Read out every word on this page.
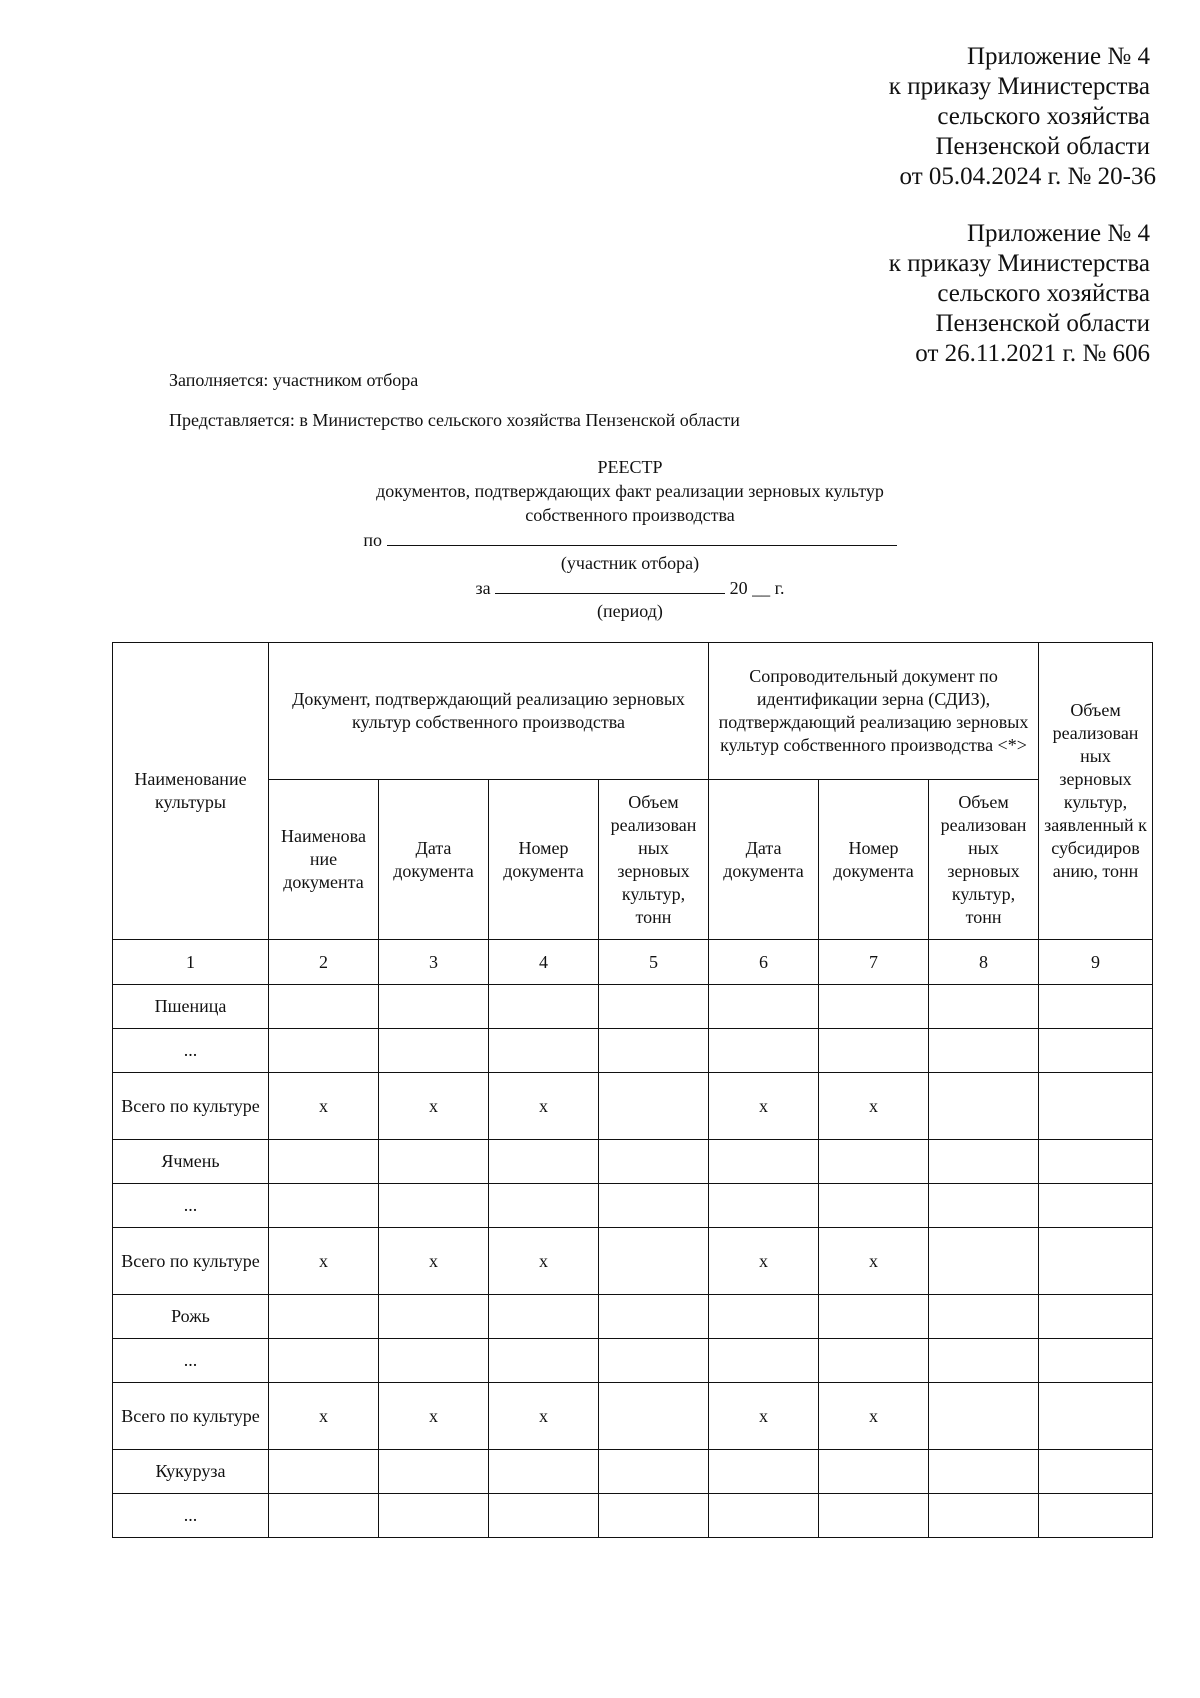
Приложение № 4
к приказу Министерства
сельского хозяйства
Пензенской области
от 05.04.2024 г. № 20-36
Приложение № 4
к приказу Министерства
сельского хозяйства
Пензенской области
от 26.11.2021 г. № 606
Заполняется: участником отбора
Представляется: в Министерство сельского хозяйства Пензенской области
РЕЕСТР
документов, подтверждающих факт реализации зерновых культур
собственного производства
по
(участник отбора)
за	20 __ г.
(период)
Наименование культуры	Документ, подтверждающий реализацию зерновых культур собственного производства				Сопроводительный документ по идентификации зерна (СДИЗ), подтверждающий реализацию зерновых культур собственного производства <*>			Объем реализован ных зерновых культур, заявленный к субсидиров анию, тонн
	Наименова ние документа	Дата документа	Номер документа	Объем реализован ных зерновых культур, тонн	Дата документа	Номер документа	Объем реализован ных зерновых культур, тонн	
1	2	3	4	5	6	7	8	9
Пшеница								
...								
Всего по культуре	х	х	х		х	х		
Ячмень								
...								
Всего по культуре	х	х	х		х	х		
Рожь								
...								
Всего по культуре	х	х	х		х	х		
Кукуруза								
...								
